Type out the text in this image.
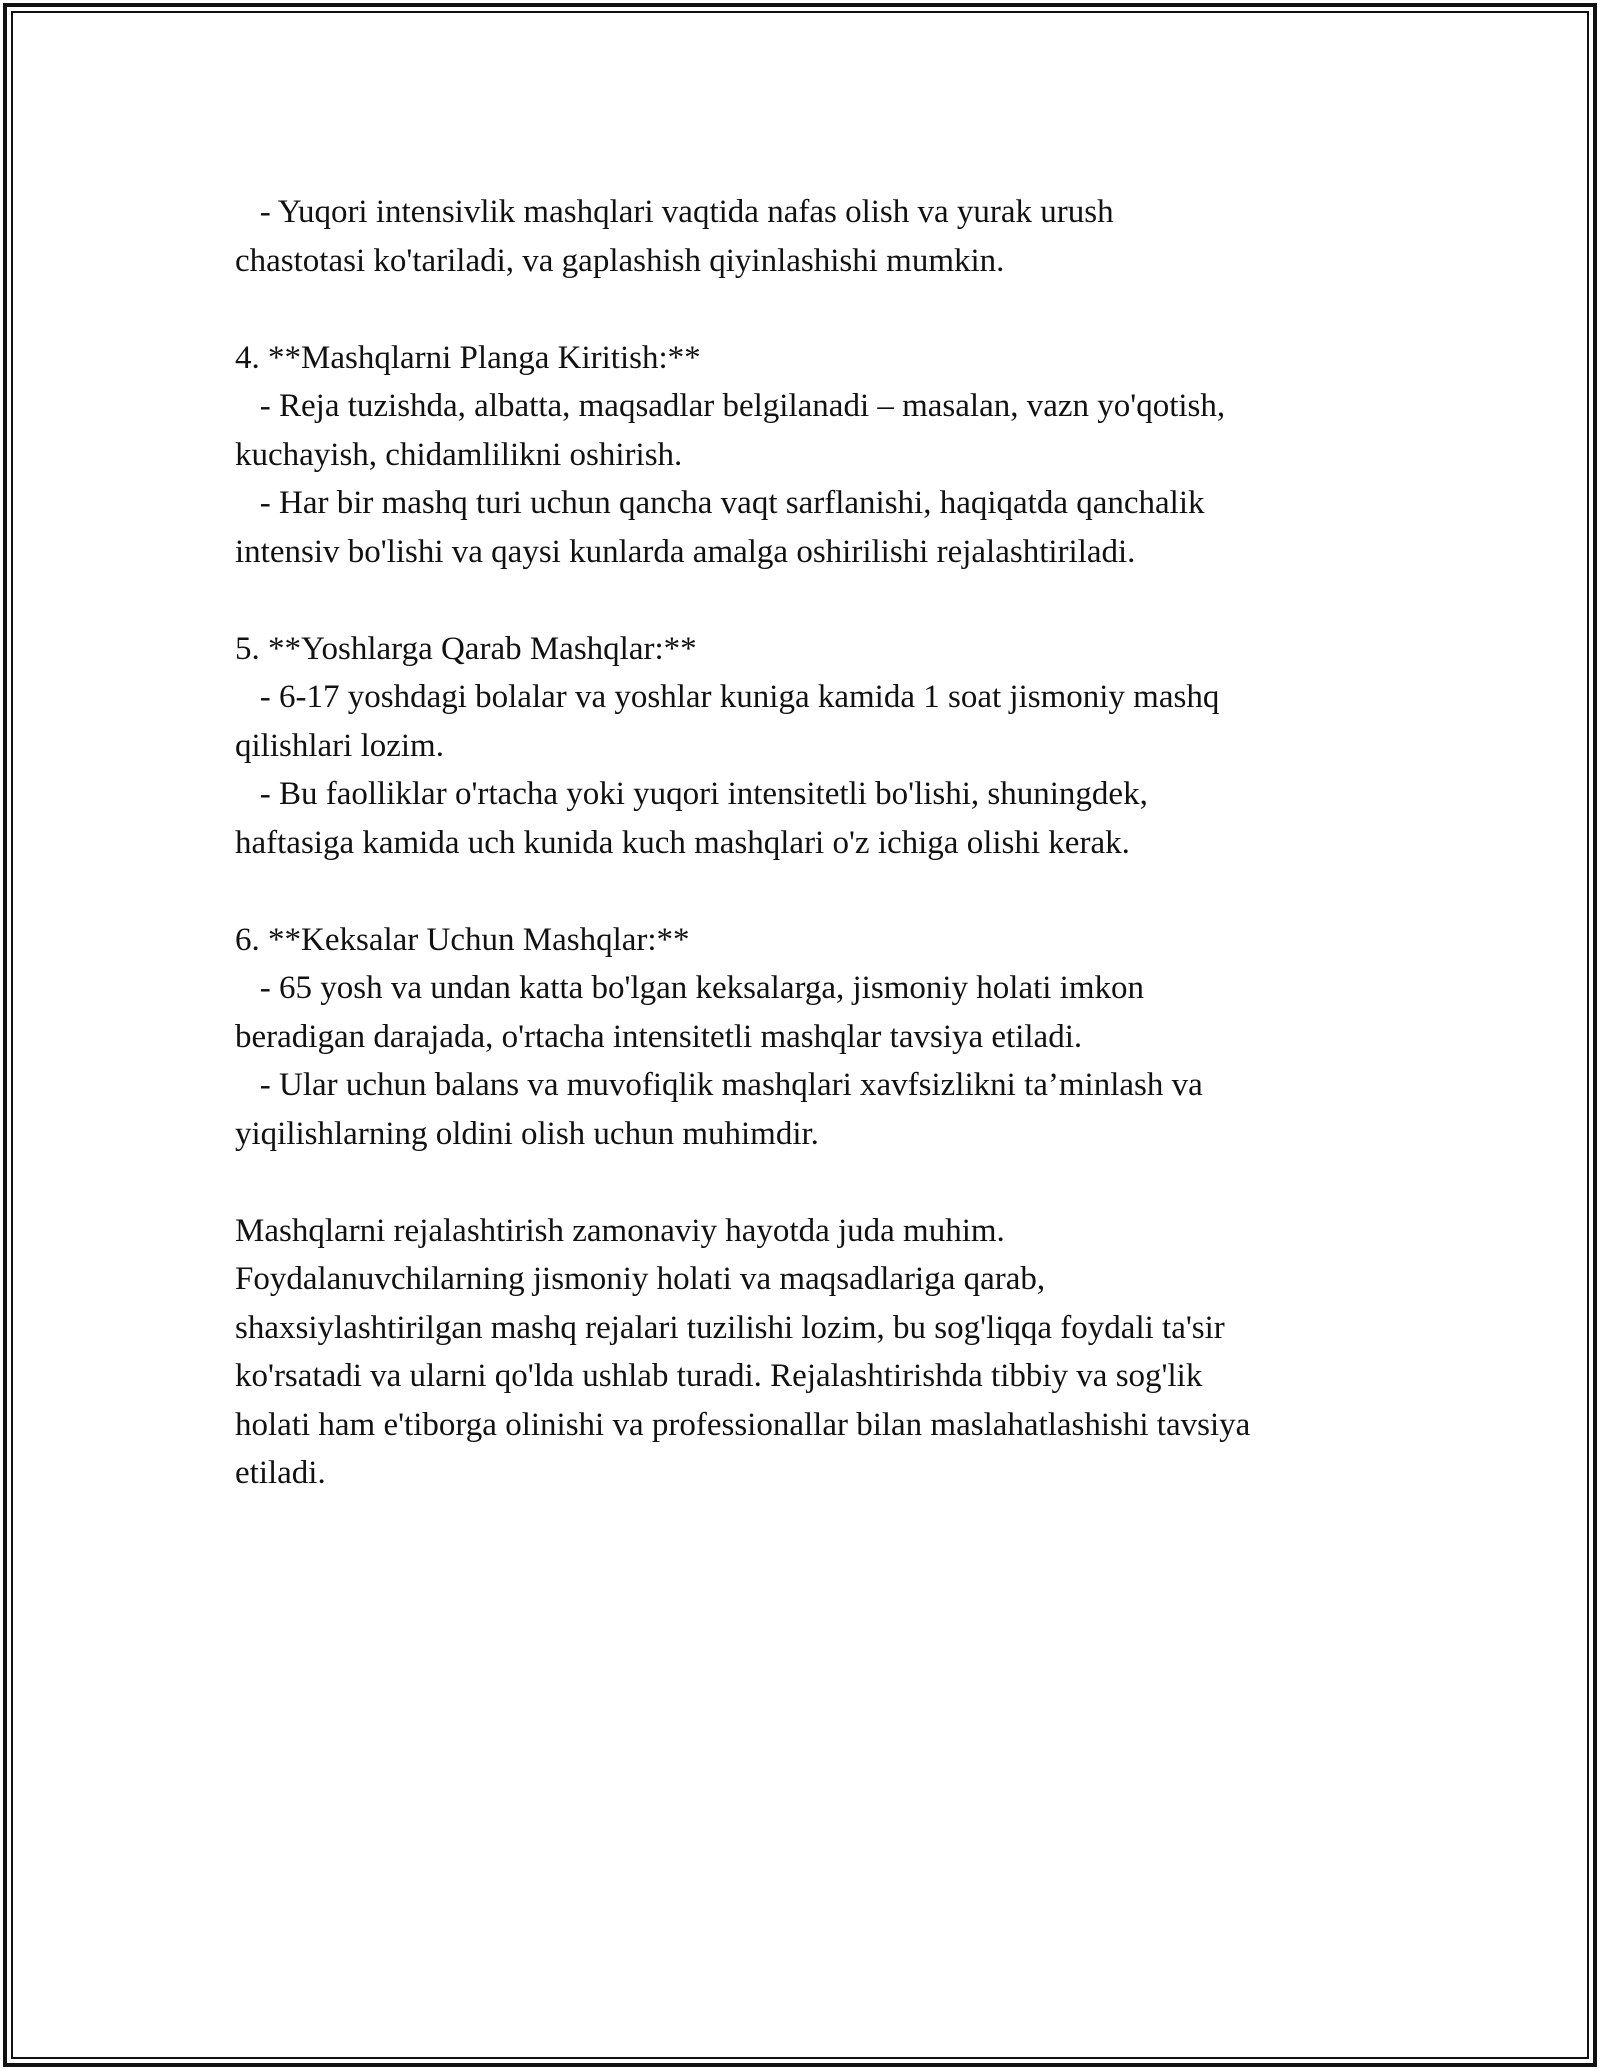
- Yuqori intensivlik mashqlari vaqtida nafas olish va yurak urush
chastotasi ko'tariladi, va gaplashish qiyinlashishi mumkin.
4. **Mashqlarni Planga Kiritish:**
- Reja tuzishda, albatta, maqsadlar belgilanadi – masalan, vazn yo'qotish,
kuchayish, chidamlilikni oshirish.
- Har bir mashq turi uchun qancha vaqt sarflanishi, haqiqatda qanchalik
intensiv bo'lishi va qaysi kunlarda amalga oshirilishi rejalashtiriladi.
5. **Yoshlarga Qarab Mashqlar:**
- 6-17 yoshdagi bolalar va yoshlar kuniga kamida 1 soat jismoniy mashq
qilishlari lozim.
- Bu faolliklar o'rtacha yoki yuqori intensitetli bo'lishi, shuningdek,
haftasiga kamida uch kunida kuch mashqlari o'z ichiga olishi kerak.
6. **Keksalar Uchun Mashqlar:**
- 65 yosh va undan katta bo'lgan keksalarga, jismoniy holati imkon
beradigan darajada, o'rtacha intensitetli mashqlar tavsiya etiladi.
- Ular uchun balans va muvofiqlik mashqlari xavfsizlikni ta’minlash va
yiqilishlarning oldini olish uchun muhimdir.
Mashqlarni rejalashtirish zamonaviy hayotda juda muhim.
Foydalanuvchilarning jismoniy holati va maqsadlariga qarab,
shaxsiylashtirilgan mashq rejalari tuzilishi lozim, bu sog'liqqa foydali ta'sir
ko'rsatadi va ularni qo'lda ushlab turadi. Rejalashtirishda tibbiy va sog'lik
holati ham e'tiborga olinishi va professionallar bilan maslahatlashishi tavsiya
etiladi.
